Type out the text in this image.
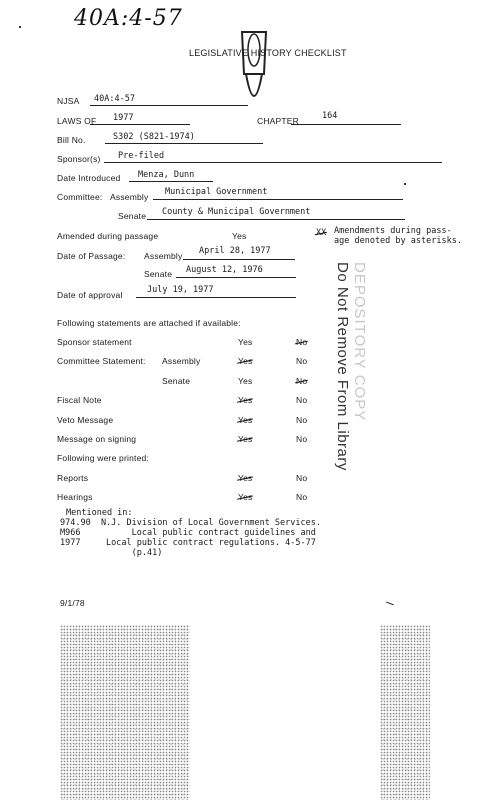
40A:4-57
LEGISLATIVE HISTORY CHECKLIST
NJSA 40A:4-57
LAWS OF 1977	CHAPTER	164
Bill No.	S302 (S821-1974)
Sponsor(s) Pre-filed
Date Introduced Menza, Dunn
Committee: Assembly Municipal Government
Senate County & Municipal Government
Amended during passage	Yes	XX Amendments during pass-
age denoted by asterisks.
Date of Passage: Assembly April 28, 1977
Senate August 12, 1976
Date of approval	July 19, 1977
Following statements are attached if available:
Sponsor statement	Yes	No
Committee Statement: Assembly	Yes	No
Senate	Yes	No
Fiscal Note	Yes	No
Veto Message	Yes	No
Message on signing	Yes	No
Following were printed:
Reports	Yes	No
Hearings	Yes	No
Mentioned in:
974.90  N.J. Division of Local Government Services.
M966          Local public contract guidelines and
1977     Local public contract regulations. 4-5-77
(p.41)
DEPOSITORY COPY
Do Not Remove From Library
9/1/78
